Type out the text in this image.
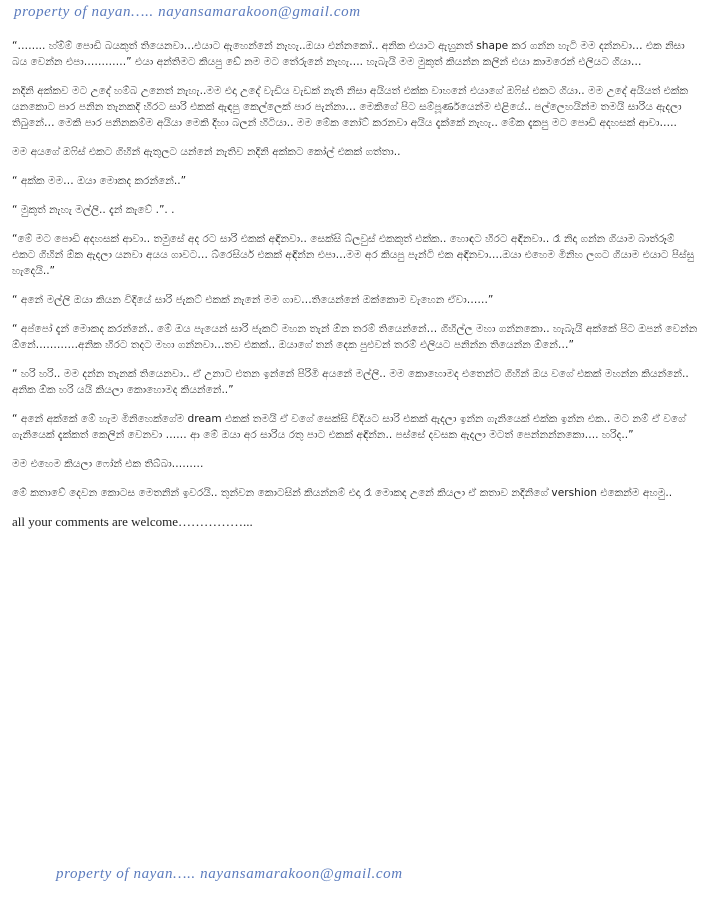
property of nayan….. nayansamarakoon@gmail.com

“…….. හ්ම්ම් පොඩි බයකුත් තියෙනවා…එයාට ඇහෙන්නේ නැහැ..ඔයා එන්නකෝ.. අනික එයාට ඇහුනත් shape කර ගන්න හැටි මම දන්නවා… එක නිසා බය වෙන්න එපා…………” එයා අන්තිමට කියපු ඩේ නම මට තේරුනේ නැහැ…. හැබැයි මම මුකුත් කියන්න කලින් එයා කාමරෙන් එලියට ගියා…

නදිනි අක්කව මට උදේ හම්බ උනෙත් නැහැ..මම එදා උදේ වැඩිය වැඩක් නැති නිසා අයියත් එක්ක වාහනේ එයාගේ ඔෆිස් එකට ගියා.. මම උදේ අයියත් එක්ක යනකොට පාර පනින තැනකදි හිරට සාරි එකක් ඇඳපු කෙල්ලෙක් පාර පැන්නා… මෙකිගේ පිට සම්පූර්ණයෙන්ම එළියේ.. පල්ලෙහයින්ම තමයි සාරිය ඇදලා තිබුනේ… මෙකි පාර පනිනකම්ම අයියා මෙකි දිහා බලන් හිටියා.. මම මේක නෝට් කරනවා අයිය දැක්කේ නැහැ.. මේක දැකපු මට පොඩි අදහසක් ආවා…..

මම අයගේ ඔෆිස් එකට ගිහින් ඇතුලට යන්නේ නැතිව නදිනි අක්කට කෝල් එකක් ගත්තා..

“ අක්ක මම… ඔයා මොකද කරන්නේ..”

“ මුකුත් නැහැ මල්ලි.. දැන් කැවේ .”. .

“මේ මට පොඩි අදහසක් ආවා.. තමුසේ අද රට සාරි එකක් අඳිනවා.. සෙක්සි බ්ලවුස් එකකුත් එක්ක.. හොඳට හිරට අඳිනවා.. රෑ නිදා ගන්න ගියාම බාත්රූම් එකට ගිහින් ඕක ඇදලා යනවා අයය ගාවට… බ්රෙසියර් එකක් අඳින්න එපා…මම අර කියපු පැන්ටි එක අඳිනවා….ඔයා එහෙම මිනිහ ලගට ගියාම එයාට පිස්සු හැදෙයි..”

“ අනේ මල්ලි ඔයා කියන විදියේ සාරි ජැකට් එකක් නැනේ මම ගාව…තියෙන්නේ ඔක්කොම වැහෙන ඒවා……”

“ අප්පෝ දැන් මොකද කරන්නේ.. මේ ඔය පැයෙන් සාරි ජැකට් මහන තැන් ඕන තරම් තියෙන්නේ… ගිහිල්ල මහා ගන්නකො.. හැබැයි අක්කේ පිට ඔපන් වෙන්න ඕනේ…………අනික හිරට තදට මහා ගන්නවා…තව එකක්.. ඔයාගේ තන් දෙක පුළුවන් තරම් එලියට පනින්න තියෙන්න ඕනේ…”

“ හරි හරි.. මම දන්න තැනක් තියෙනවා.. ඒ උනාට එතන ඉන්නේ පිරිමි අයනේ මල්ලි.. මම කොහොමද එතෙන්ට ගිහින් ඔය වගේ එකක් මහන්න කියන්නේ.. අනික ඕක හරි යයි කියලා කොහොමද කියන්නේ..”

“ අනේ අක්කේ මේ හැම මිනිහෙක්ගේම dream එකක් තමයි ඒ වගේ සෙක්සි විදියට සාරි එකක් ඇදලා ඉන්න ගැනියෙක් එක්ක ඉන්න එක.. මට නම් ඒ වගේ ගැනියෙක් දැක්කත් කෙලින් වෙනවා …… ආ මේ ඔයා අර සාරිය රතු පාට එකක් අඳින්න.. පස්සේ දවසක ඇදලා මටත් පෙන්නන්නකො…. හරිද..”

මම එහෙම කියලා ෆෝන් එක තිබ්බා………

මේ කතාවේ දෙවන කොටස මෙතනින් ඉවරයි.. තුන්වන කොටසින් කියන්නම් එදා රෑ මොකද උනේ කියලා ඒ කතාව නදිනිගේ vershion එකෙන්ම අහමු..

all your comments are welcome……………...

property of nayan….. nayansamarakoon@gmail.com
